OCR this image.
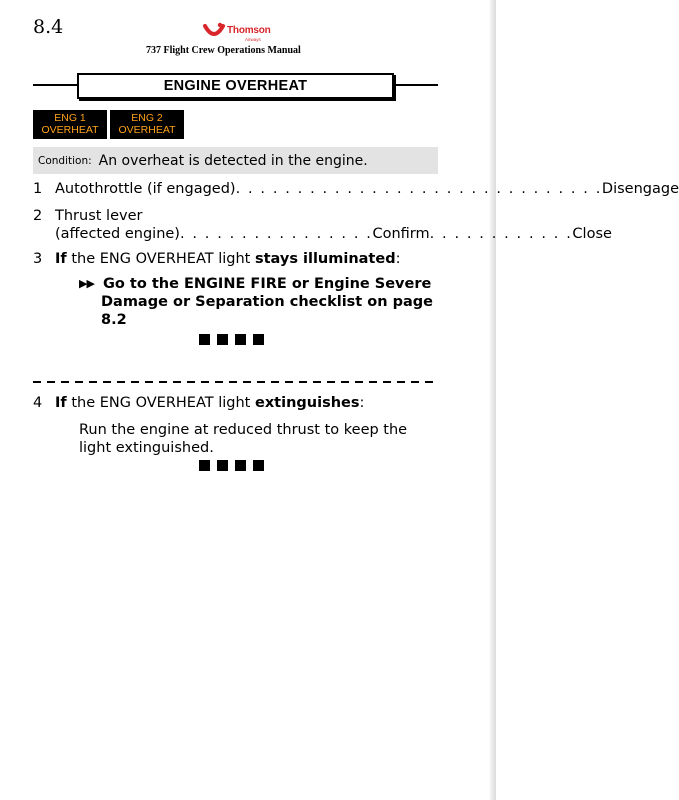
8.4	Thomson
Airways
737 Flight Crew Operations Manual
ENGINE OVERHEAT
ENG 1
OVERHEAT
ENG 2
OVERHEAT
Condition: An overheat is detected in the engine.
1 Autothrottle (if engaged) . . . . . . . . . . . . . . . . . . . . . . . . . . . . . . Disengage
2 Thrust lever
(affected engine) . . . . . . . . . . . . . . . . Confirm . . . . . . . . . . . . Close
3 If the ENG OVERHEAT light stays illuminated:
▶▶ Go to the ENGINE FIRE or Engine Severe
Damage or Separation checklist on page
8.2
4 If the ENG OVERHEAT light extinguishes:
Run the engine at reduced thrust to keep the light extinguished.
